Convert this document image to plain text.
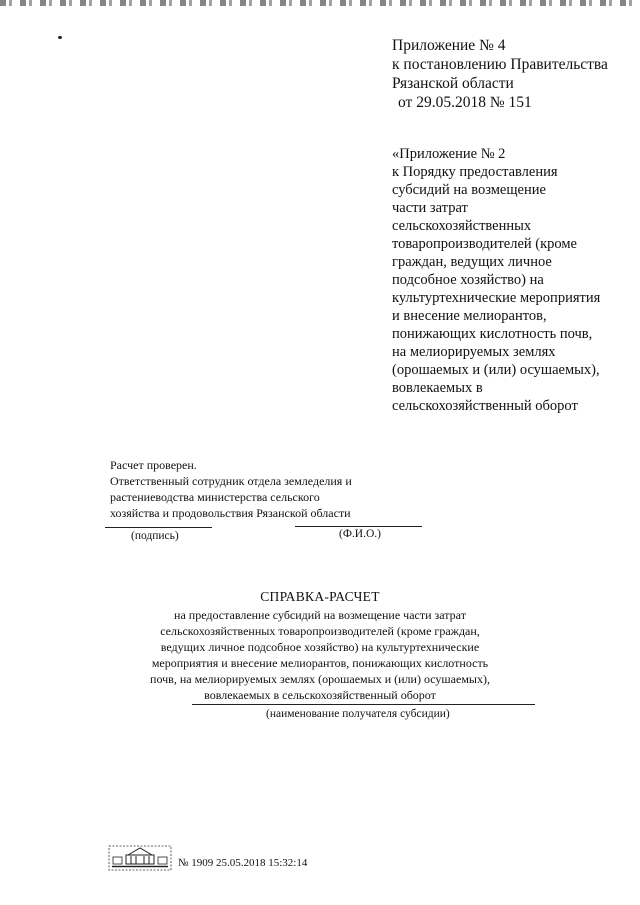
Приложение № 4
к постановлению Правительства
Рязанской области
от 29.05.2018 № 151
«Приложение № 2
к Порядку предоставления
субсидий на возмещение
части затрат
сельскохозяйственных
товаропроизводителей (кроме
граждан, ведущих личное
подсобное хозяйство) на
культуртехнические мероприятия
и внесение мелиорантов,
понижающих кислотность почв,
на мелиорируемых землях
(орошаемых и (или) осушаемых),
вовлекаемых в
сельскохозяйственный оборот
Расчет проверен.
Ответственный сотрудник отдела земледелия и
растениеводства министерства сельского
хозяйства и продовольствия Рязанской области
(подпись)	(Ф.И.О.)
СПРАВКА-РАСЧЕТ
на предоставление субсидий на возмещение части затрат
сельскохозяйственных товаропроизводителей (кроме граждан,
ведущих личное подсобное хозяйство) на культуртехнические
мероприятия и внесение мелиорантов, понижающих кислотность
почв, на мелиорируемых землях (орошаемых и (или) осушаемых),
вовлекаемых в сельскохозяйственный оборот
(наименование получателя субсидии)
№ 1909 25.05.2018 15:32:14
